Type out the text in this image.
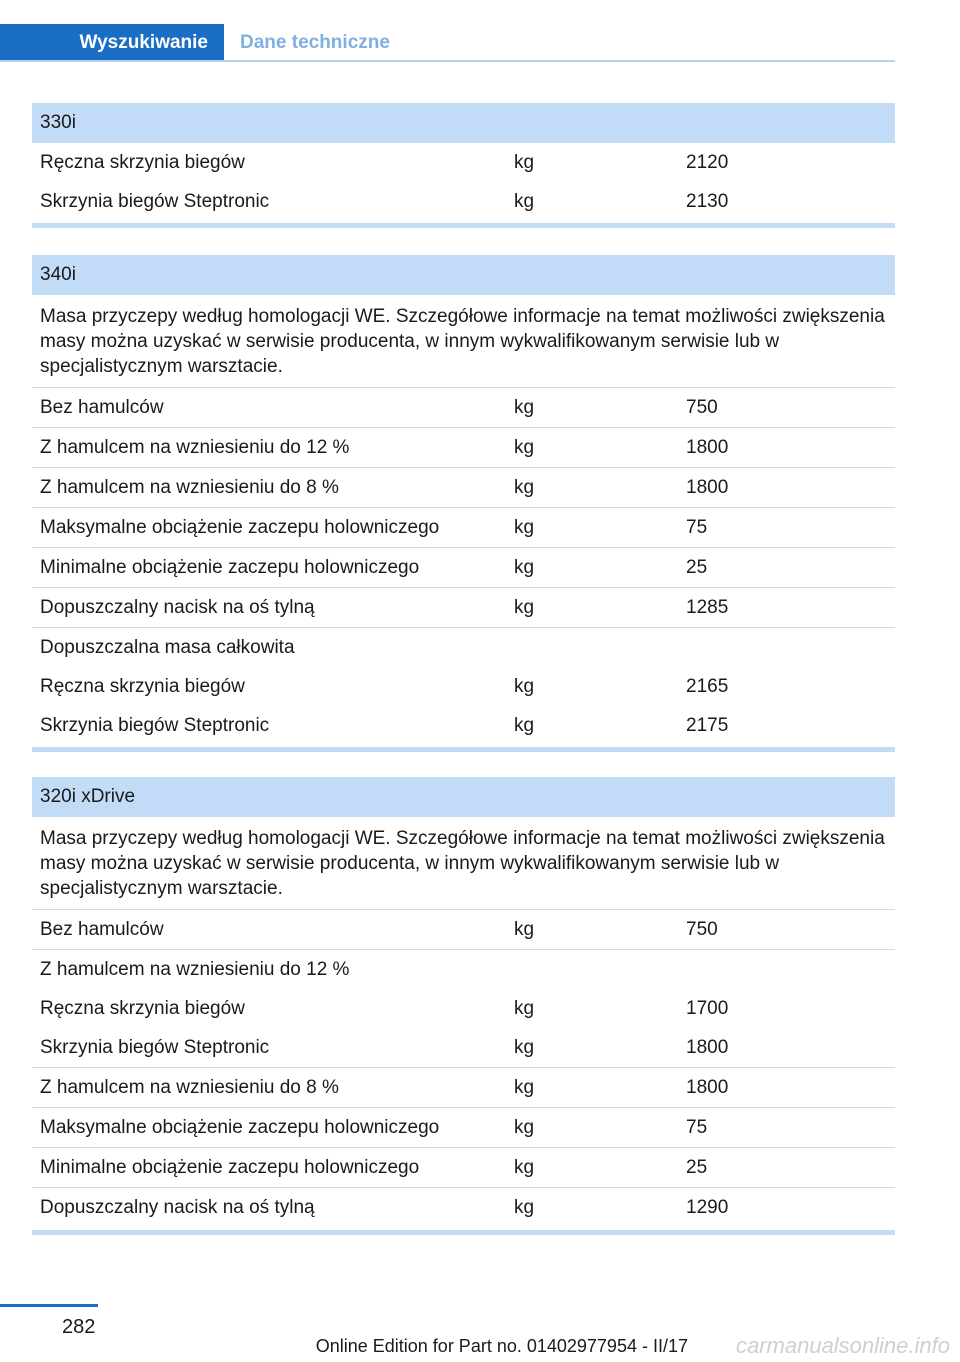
Wyszukiwanie	Dane techniczne
330i
Ręczna skrzynia biegów	kg	2120
Skrzynia biegów Steptronic	kg	2130
340i
Masa przyczepy według homologacji WE. Szczegółowe informacje na temat możliwości zwiększenia masy można uzyskać w serwisie producenta, w innym wykwalifikowanym serwisie lub w specjalistycznym warsztacie.
Bez hamulców	kg	750
Z hamulcem na wzniesieniu do 12 %	kg	1800
Z hamulcem na wzniesieniu do 8 %	kg	1800
Maksymalne obciążenie zaczepu holowniczego	kg	75
Minimalne obciążenie zaczepu holowniczego	kg	25
Dopuszczalny nacisk na oś tylną	kg	1285
Dopuszczalna masa całkowita
Ręczna skrzynia biegów	kg	2165
Skrzynia biegów Steptronic	kg	2175
320i xDrive
Masa przyczepy według homologacji WE. Szczegółowe informacje na temat możliwości zwiększenia masy można uzyskać w serwisie producenta, w innym wykwalifikowanym serwisie lub w specjalistycznym warsztacie.
Bez hamulców	kg	750
Z hamulcem na wzniesieniu do 12 %
Ręczna skrzynia biegów	kg	1700
Skrzynia biegów Steptronic	kg	1800
Z hamulcem na wzniesieniu do 8 %	kg	1800
Maksymalne obciążenie zaczepu holowniczego	kg	75
Minimalne obciążenie zaczepu holowniczego	kg	25
Dopuszczalny nacisk na oś tylną	kg	1290
282
Online Edition for Part no. 01402977954 - II/17 carmanualsonline.info
